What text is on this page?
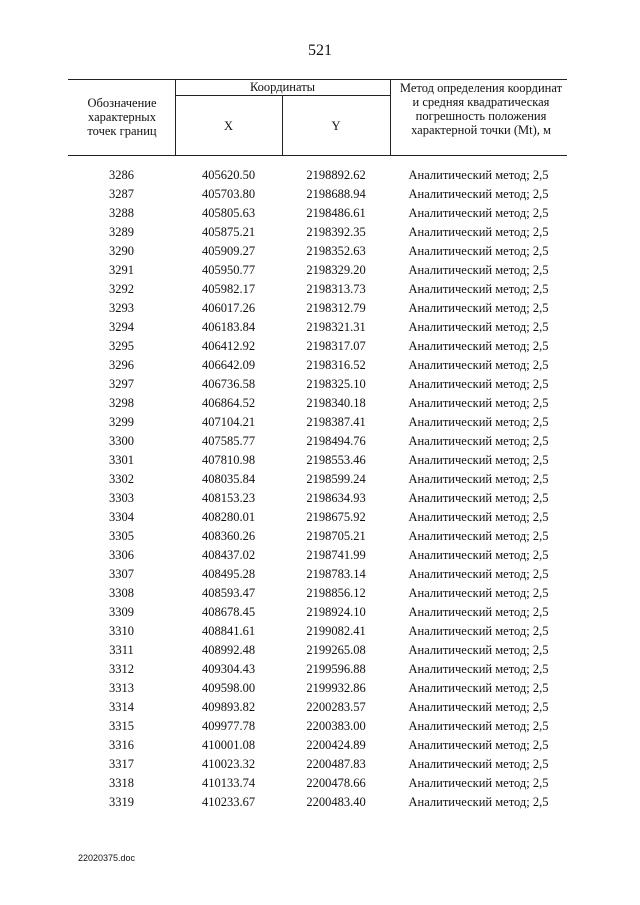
521
Обозначение характерных точек границ
Координаты
X	Y
Метод определения координат и средняя квадратическая погрешность положения характерной точки (Mt), м
3286	405620.50	2198892.62	Аналитический метод; 2,5
3287	405703.80	2198688.94	Аналитический метод; 2,5
3288	405805.63	2198486.61	Аналитический метод; 2,5
3289	405875.21	2198392.35	Аналитический метод; 2,5
3290	405909.27	2198352.63	Аналитический метод; 2,5
3291	405950.77	2198329.20	Аналитический метод; 2,5
3292	405982.17	2198313.73	Аналитический метод; 2,5
3293	406017.26	2198312.79	Аналитический метод; 2,5
3294	406183.84	2198321.31	Аналитический метод; 2,5
3295	406412.92	2198317.07	Аналитический метод; 2,5
3296	406642.09	2198316.52	Аналитический метод; 2,5
3297	406736.58	2198325.10	Аналитический метод; 2,5
3298	406864.52	2198340.18	Аналитический метод; 2,5
3299	407104.21	2198387.41	Аналитический метод; 2,5
3300	407585.77	2198494.76	Аналитический метод; 2,5
3301	407810.98	2198553.46	Аналитический метод; 2,5
3302	408035.84	2198599.24	Аналитический метод; 2,5
3303	408153.23	2198634.93	Аналитический метод; 2,5
3304	408280.01	2198675.92	Аналитический метод; 2,5
3305	408360.26	2198705.21	Аналитический метод; 2,5
3306	408437.02	2198741.99	Аналитический метод; 2,5
3307	408495.28	2198783.14	Аналитический метод; 2,5
3308	408593.47	2198856.12	Аналитический метод; 2,5
3309	408678.45	2198924.10	Аналитический метод; 2,5
3310	408841.61	2199082.41	Аналитический метод; 2,5
3311	408992.48	2199265.08	Аналитический метод; 2,5
3312	409304.43	2199596.88	Аналитический метод; 2,5
3313	409598.00	2199932.86	Аналитический метод; 2,5
3314	409893.82	2200283.57	Аналитический метод; 2,5
3315	409977.78	2200383.00	Аналитический метод; 2,5
3316	410001.08	2200424.89	Аналитический метод; 2,5
3317	410023.32	2200487.83	Аналитический метод; 2,5
3318	410133.74	2200478.66	Аналитический метод; 2,5
3319	410233.67	2200483.40	Аналитический метод; 2,5
22020375.doc
